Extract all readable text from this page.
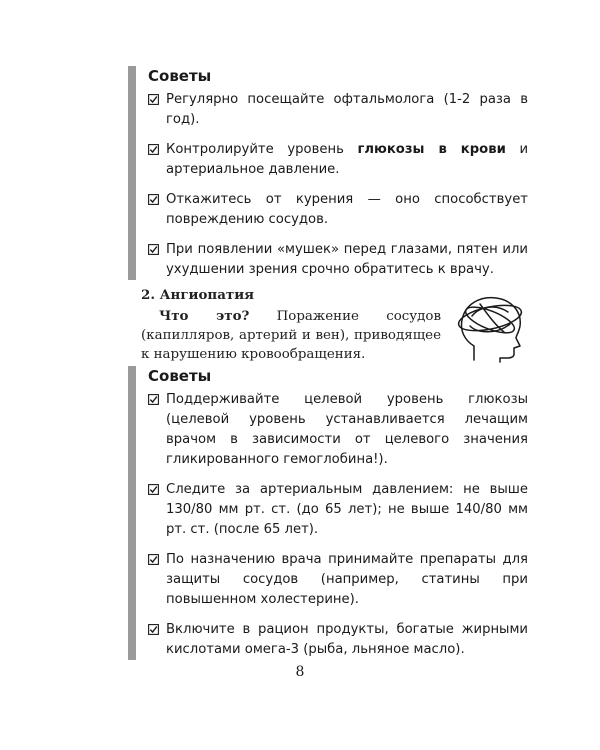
Советы
Регулярно посещайте офтальмолога (1-2 раза в год).
Контролируйте уровень глюкозы в крови и артериальное давление.
Откажитесь от курения — оно способствует повреждению сосудов.
При появлении «мушек» перед глазами, пятен или ухудшении зрения срочно обратитесь к врачу.

2. Ангиопатия

Что это? Поражение сосудов (капилляров, артерий и вен), приводящее к нарушению кровообращения.

Советы
Поддерживайте целевой уровень глюкозы (целевой уровень устанавливается лечащим врачом в зависимости от целевого значения гликированного гемоглобина!).
Следите за артериальным давлением: не выше 130/80 мм рт. ст. (до 65 лет); не выше 140/80 мм рт. ст. (после 65 лет).
По назначению врача принимайте препараты для защиты сосудов (например, статины при повышенном холестерине).
Включите в рацион продукты, богатые жирными кислотами омега-3 (рыба, льняное масло).
8
